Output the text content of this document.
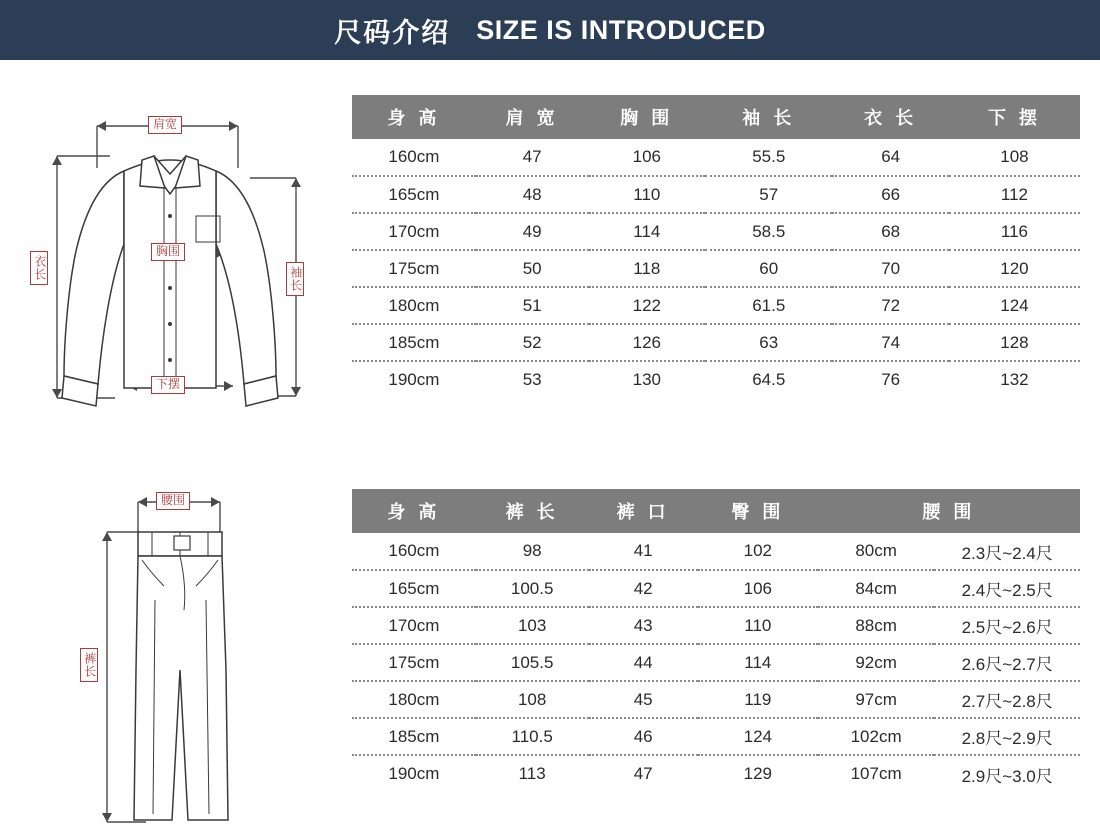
尺码介绍 SIZE IS INTRODUCED
肩宽
胸围
下摆
衣长	袖长
腰围
裤长
身 高	肩 宽	胸 围	袖 长	衣 长	下 摆
160cm	47	106	55.5	64	108
165cm	48	110	57	66	112
170cm	49	114	58.5	68	116
175cm	50	118	60	70	120
180cm	51	122	61.5	72	124
185cm	52	126	63	74	128
190cm	53	130	64.5	76	132
身 高	裤 长	裤 口	臀 围	腰 围	
160cm	98	41	102	80cm	2.3尺~2.4尺
165cm	100.5	42	106	84cm	2.4尺~2.5尺
170cm	103	43	110	88cm	2.5尺~2.6尺
175cm	105.5	44	114	92cm	2.6尺~2.7尺
180cm	108	45	119	97cm	2.7尺~2.8尺
185cm	110.5	46	124	102cm	2.8尺~2.9尺
190cm	113	47	129	107cm	2.9尺~3.0尺
